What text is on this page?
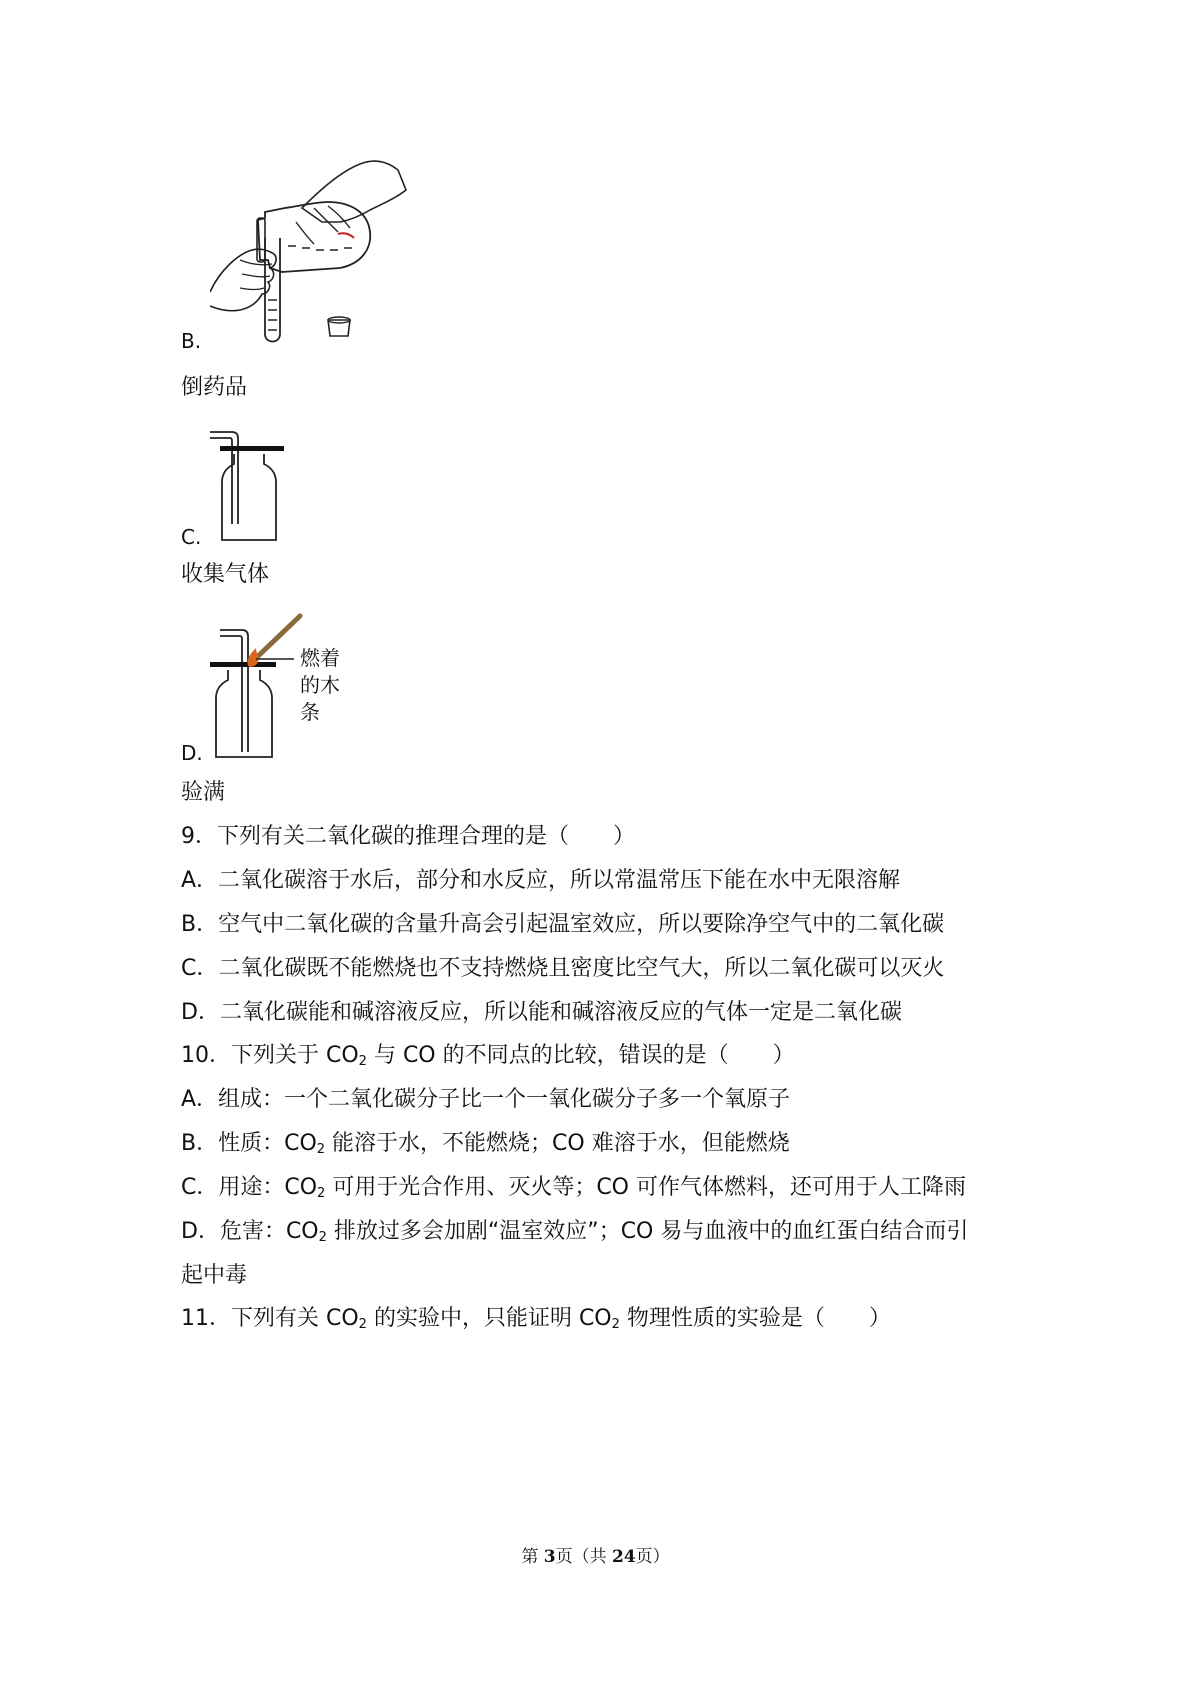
B.
倒药品
C.
收集气体
燃着
的木
条
D.
验满
9．下列有关二氧化碳的推理合理的是（　　）
A．二氧化碳溶于水后，部分和水反应，所以常温常压下能在水中无限溶解
B．空气中二氧化碳的含量升高会引起温室效应，所以要除净空气中的二氧化碳
C．二氧化碳既不能燃烧也不支持燃烧且密度比空气大，所以二氧化碳可以灭火
D．二氧化碳能和碱溶液反应，所以能和碱溶液反应的气体一定是二氧化碳
10．下列关于 $CO_2$ 与 CO 的不同点的比较，错误的是（　　）
A．组成：一个二氧化碳分子比一个一氧化碳分子多一个氧原子
B．性质：$CO_2$ 能溶于水，不能燃烧；CO 难溶于水，但能燃烧
C．用途：$CO_2$ 可用于光合作用、灭火等；CO 可作气体燃料，还可用于人工降雨
D．危害：$CO_2$ 排放过多会加剧“温室效应”；CO 易与血液中的血红蛋白结合而引
起中毒
11．下列有关 $CO_2$ 的实验中，只能证明 $CO_2$ 物理性质的实验是（　　）
第 3页（共 24页）
